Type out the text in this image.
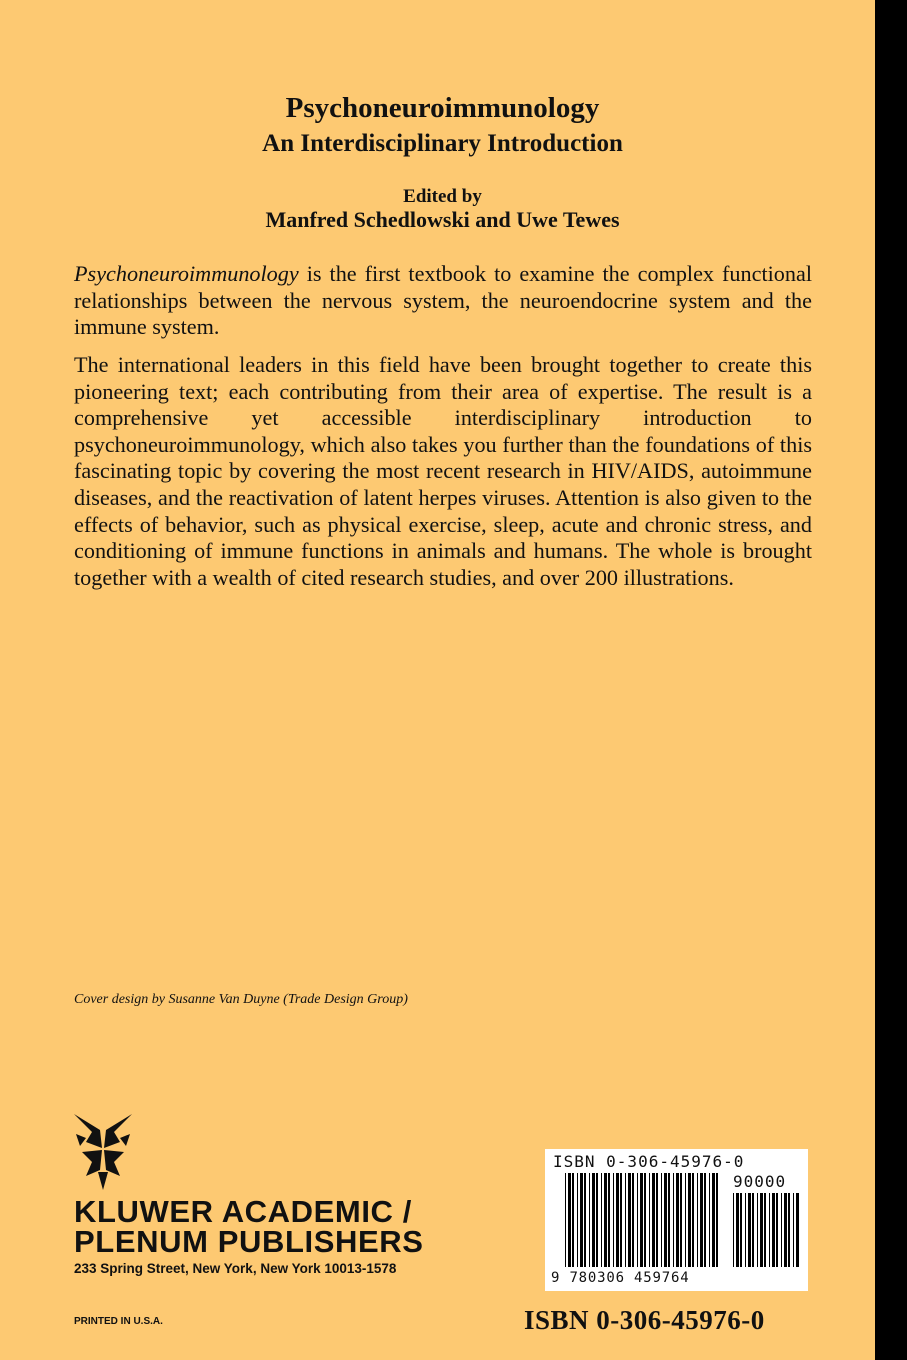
Psychoneuroimmunology
An Interdisciplinary Introduction
Edited by
Manfred Schedlowski and Uwe Tewes

Psychoneuroimmunology is the first textbook to examine the complex functional relationships between the nervous system, the neuroendocrine system and the immune system.

The international leaders in this field have been brought together to create this pioneering text; each contributing from their area of expertise. The result is a comprehensive yet accessible interdisciplinary introduction to psychoneuroimmunology, which also takes you further than the foundations of this fascinating topic by covering the most recent research in HIV/AIDS, autoimmune diseases, and the reactivation of latent herpes viruses. Attention is also given to the effects of behavior, such as physical exercise, sleep, acute and chronic stress, and conditioning of immune functions in animals and humans. The whole is brought together with a wealth of cited research studies, and over 200 illustrations.

Cover design by Susanne Van Duyne (Trade Design Group)
KLUWER ACADEMIC /
PLENUM PUBLISHERS
233 Spring Street, New York, New York 10013-1578
PRINTED IN U.S.A.
ISBN 0-306-45976-0
90000
9 780306 459764
ISBN 0-306-45976-0
